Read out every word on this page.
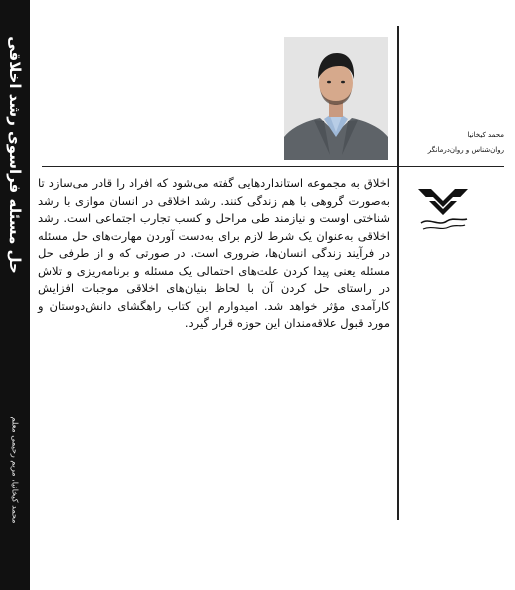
حل مسئله فراسوی رشد اخلاقی
محمد کیخانیا، مریم رحیمی معلم
محمد کیخانیا
روان‌شناس و روان‌درمانگر

اخلاق به مجموعه استانداردهایی گفته می‌شود که افراد را قادر می‌سازد تا به‌صورت گروهی با هم زندگی کنند. رشد اخلاقی در انسان موازی با رشد شناختی اوست و نیازمند طی مراحل و کسب تجارب اجتماعی است. رشد اخلاقی به‌عنوان یک شرط لازم برای به‌دست آوردن مهارت‌های حل مسئله در فرآیند زندگی انسان‌ها، ضروری است. در صورتی که و از طرفی حل مسئله یعنی پیدا کردن علت‌های احتمالی یک مسئله و برنامه‌ریزی و تلاش در راستای حل کردن آن با لحاظ بنیان‌های اخلاقی موجبات افزایش کارآمدی مؤثر خواهد شد. امیدوارم این کتاب راهگشای دانش‌دوستان و مورد قبول علاقه‌مندان این حوزه قرار گیرد.
